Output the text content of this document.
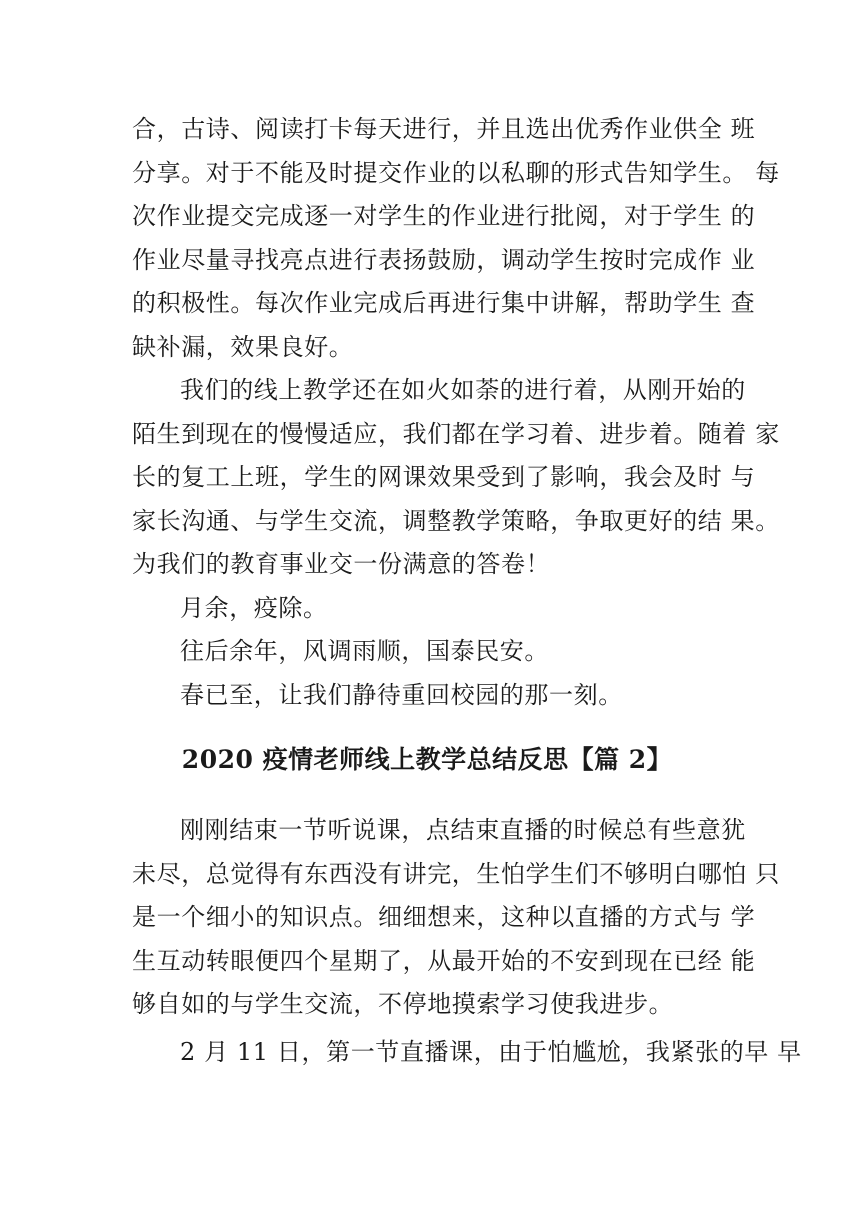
合，古诗、阅读打卡每天进行，并且选出优秀作业供全 班
分享。对于不能及时提交作业的以私聊的形式告知学生。 每
次作业提交完成逐一对学生的作业进行批阅，对于学生 的
作业尽量寻找亮点进行表扬鼓励，调动学生按时完成作 业
的积极性。每次作业完成后再进行集中讲解，帮助学生 查
缺补漏，效果良好。
我们的线上教学还在如火如荼的进行着，从刚开始的
陌生到现在的慢慢适应，我们都在学习着、进步着。随着 家
长的复工上班，学生的网课效果受到了影响，我会及时 与
家长沟通、与学生交流，调整教学策略，争取更好的结 果。
为我们的教育事业交一份满意的答卷！
月余，疫除。
往后余年，风调雨顺，国泰民安。
春已至，让我们静待重回校园的那一刻。
2020 疫情老师线上教学总结反思【篇 2】
刚刚结束一节听说课，点结束直播的时候总有些意犹
未尽，总觉得有东西没有讲完，生怕学生们不够明白哪怕 只
是一个细小的知识点。细细想来，这种以直播的方式与 学
生互动转眼便四个星期了，从最开始的不安到现在已经 能
够自如的与学生交流，不停地摸索学习使我进步。
2 月 11 日，第一节直播课，由于怕尴尬，我紧张的早 早
